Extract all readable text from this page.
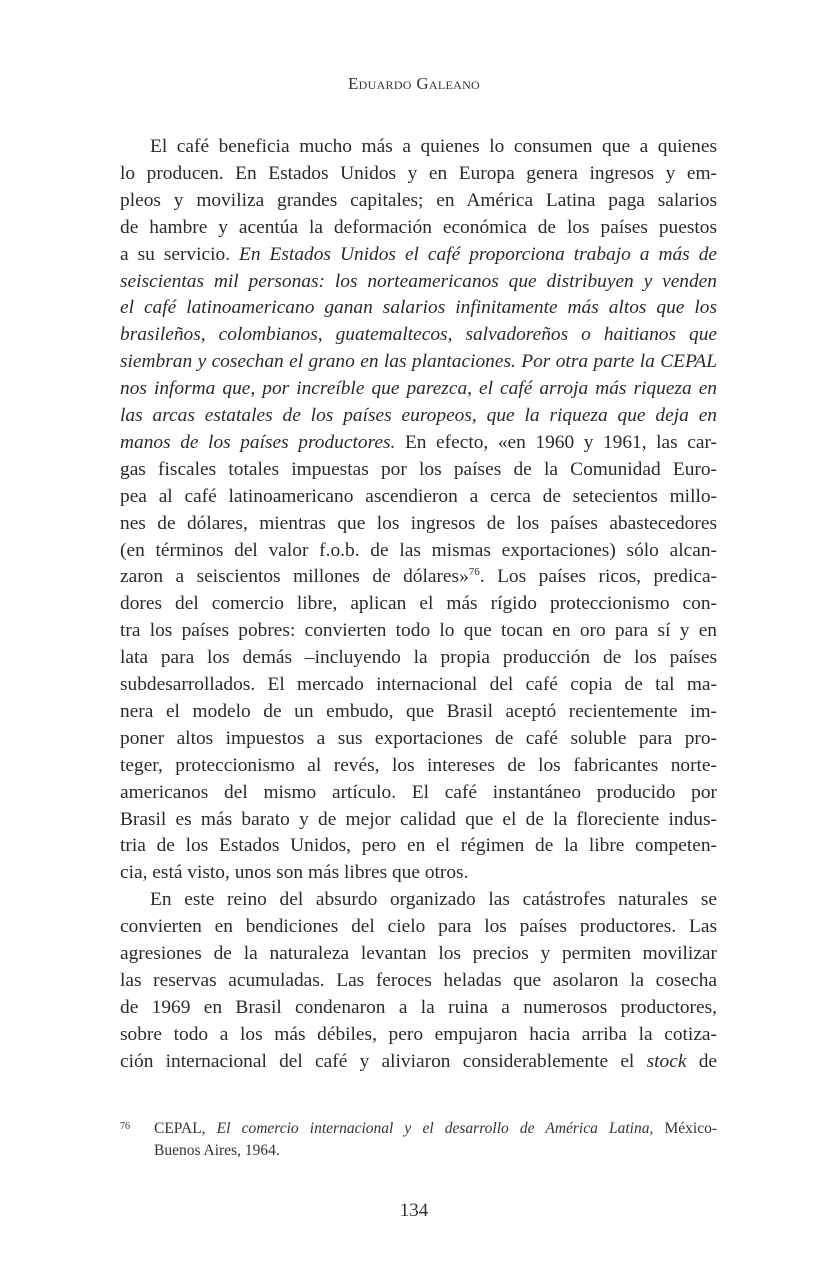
Eduardo Galeano
El café beneficia mucho más a quienes lo consumen que a quienes
lo producen. En Estados Unidos y en Europa genera ingresos y em-
pleos y moviliza grandes capitales; en América Latina paga salarios
de hambre y acentúa la deformación económica de los países puestos
a su servicio. En Estados Unidos el café proporciona trabajo a más de
seiscientas mil personas: los norteamericanos que distribuyen y venden
el café latinoamericano ganan salarios infinitamente más altos que los
brasileños, colombianos, guatemaltecos, salvadoreños o haitianos que
siembran y cosechan el grano en las plantaciones. Por otra parte la CEPAL
nos informa que, por increíble que parezca, el café arroja más riqueza en
las arcas estatales de los países europeos, que la riqueza que deja en
manos de los países productores. En efecto, «en 1960 y 1961, las car-
gas fiscales totales impuestas por los países de la Comunidad Euro-
pea al café latinoamericano ascendieron a cerca de setecientos millo-
nes de dólares, mientras que los ingresos de los países abastecedores
(en términos del valor f.o.b. de las mismas exportaciones) sólo alcan-
zaron a seiscientos millones de dólares»$^{76}$. Los países ricos, predica-
dores del comercio libre, aplican el más rígido proteccionismo con-
tra los países pobres: convierten todo lo que tocan en oro para sí y en
lata para los demás –incluyendo la propia producción de los países
subdesarrollados. El mercado internacional del café copia de tal ma-
nera el modelo de un embudo, que Brasil aceptó recientemente im-
poner altos impuestos a sus exportaciones de café soluble para pro-
teger, proteccionismo al revés, los intereses de los fabricantes norte-
americanos del mismo artículo. El café instantáneo producido por
Brasil es más barato y de mejor calidad que el de la floreciente indus-
tria de los Estados Unidos, pero en el régimen de la libre competen-
cia, está visto, unos son más libres que otros.
En este reino del absurdo organizado las catástrofes naturales se
convierten en bendiciones del cielo para los países productores. Las
agresiones de la naturaleza levantan los precios y permiten movilizar
las reservas acumuladas. Las feroces heladas que asolaron la cosecha
de 1969 en Brasil condenaron a la ruina a numerosos productores,
sobre todo a los más débiles, pero empujaron hacia arriba la cotiza-
ción internacional del café y aliviaron considerablemente el stock de
76 CEPAL, El comercio internacional y el desarrollo de América Latina, México-
Buenos Aires, 1964.
134
